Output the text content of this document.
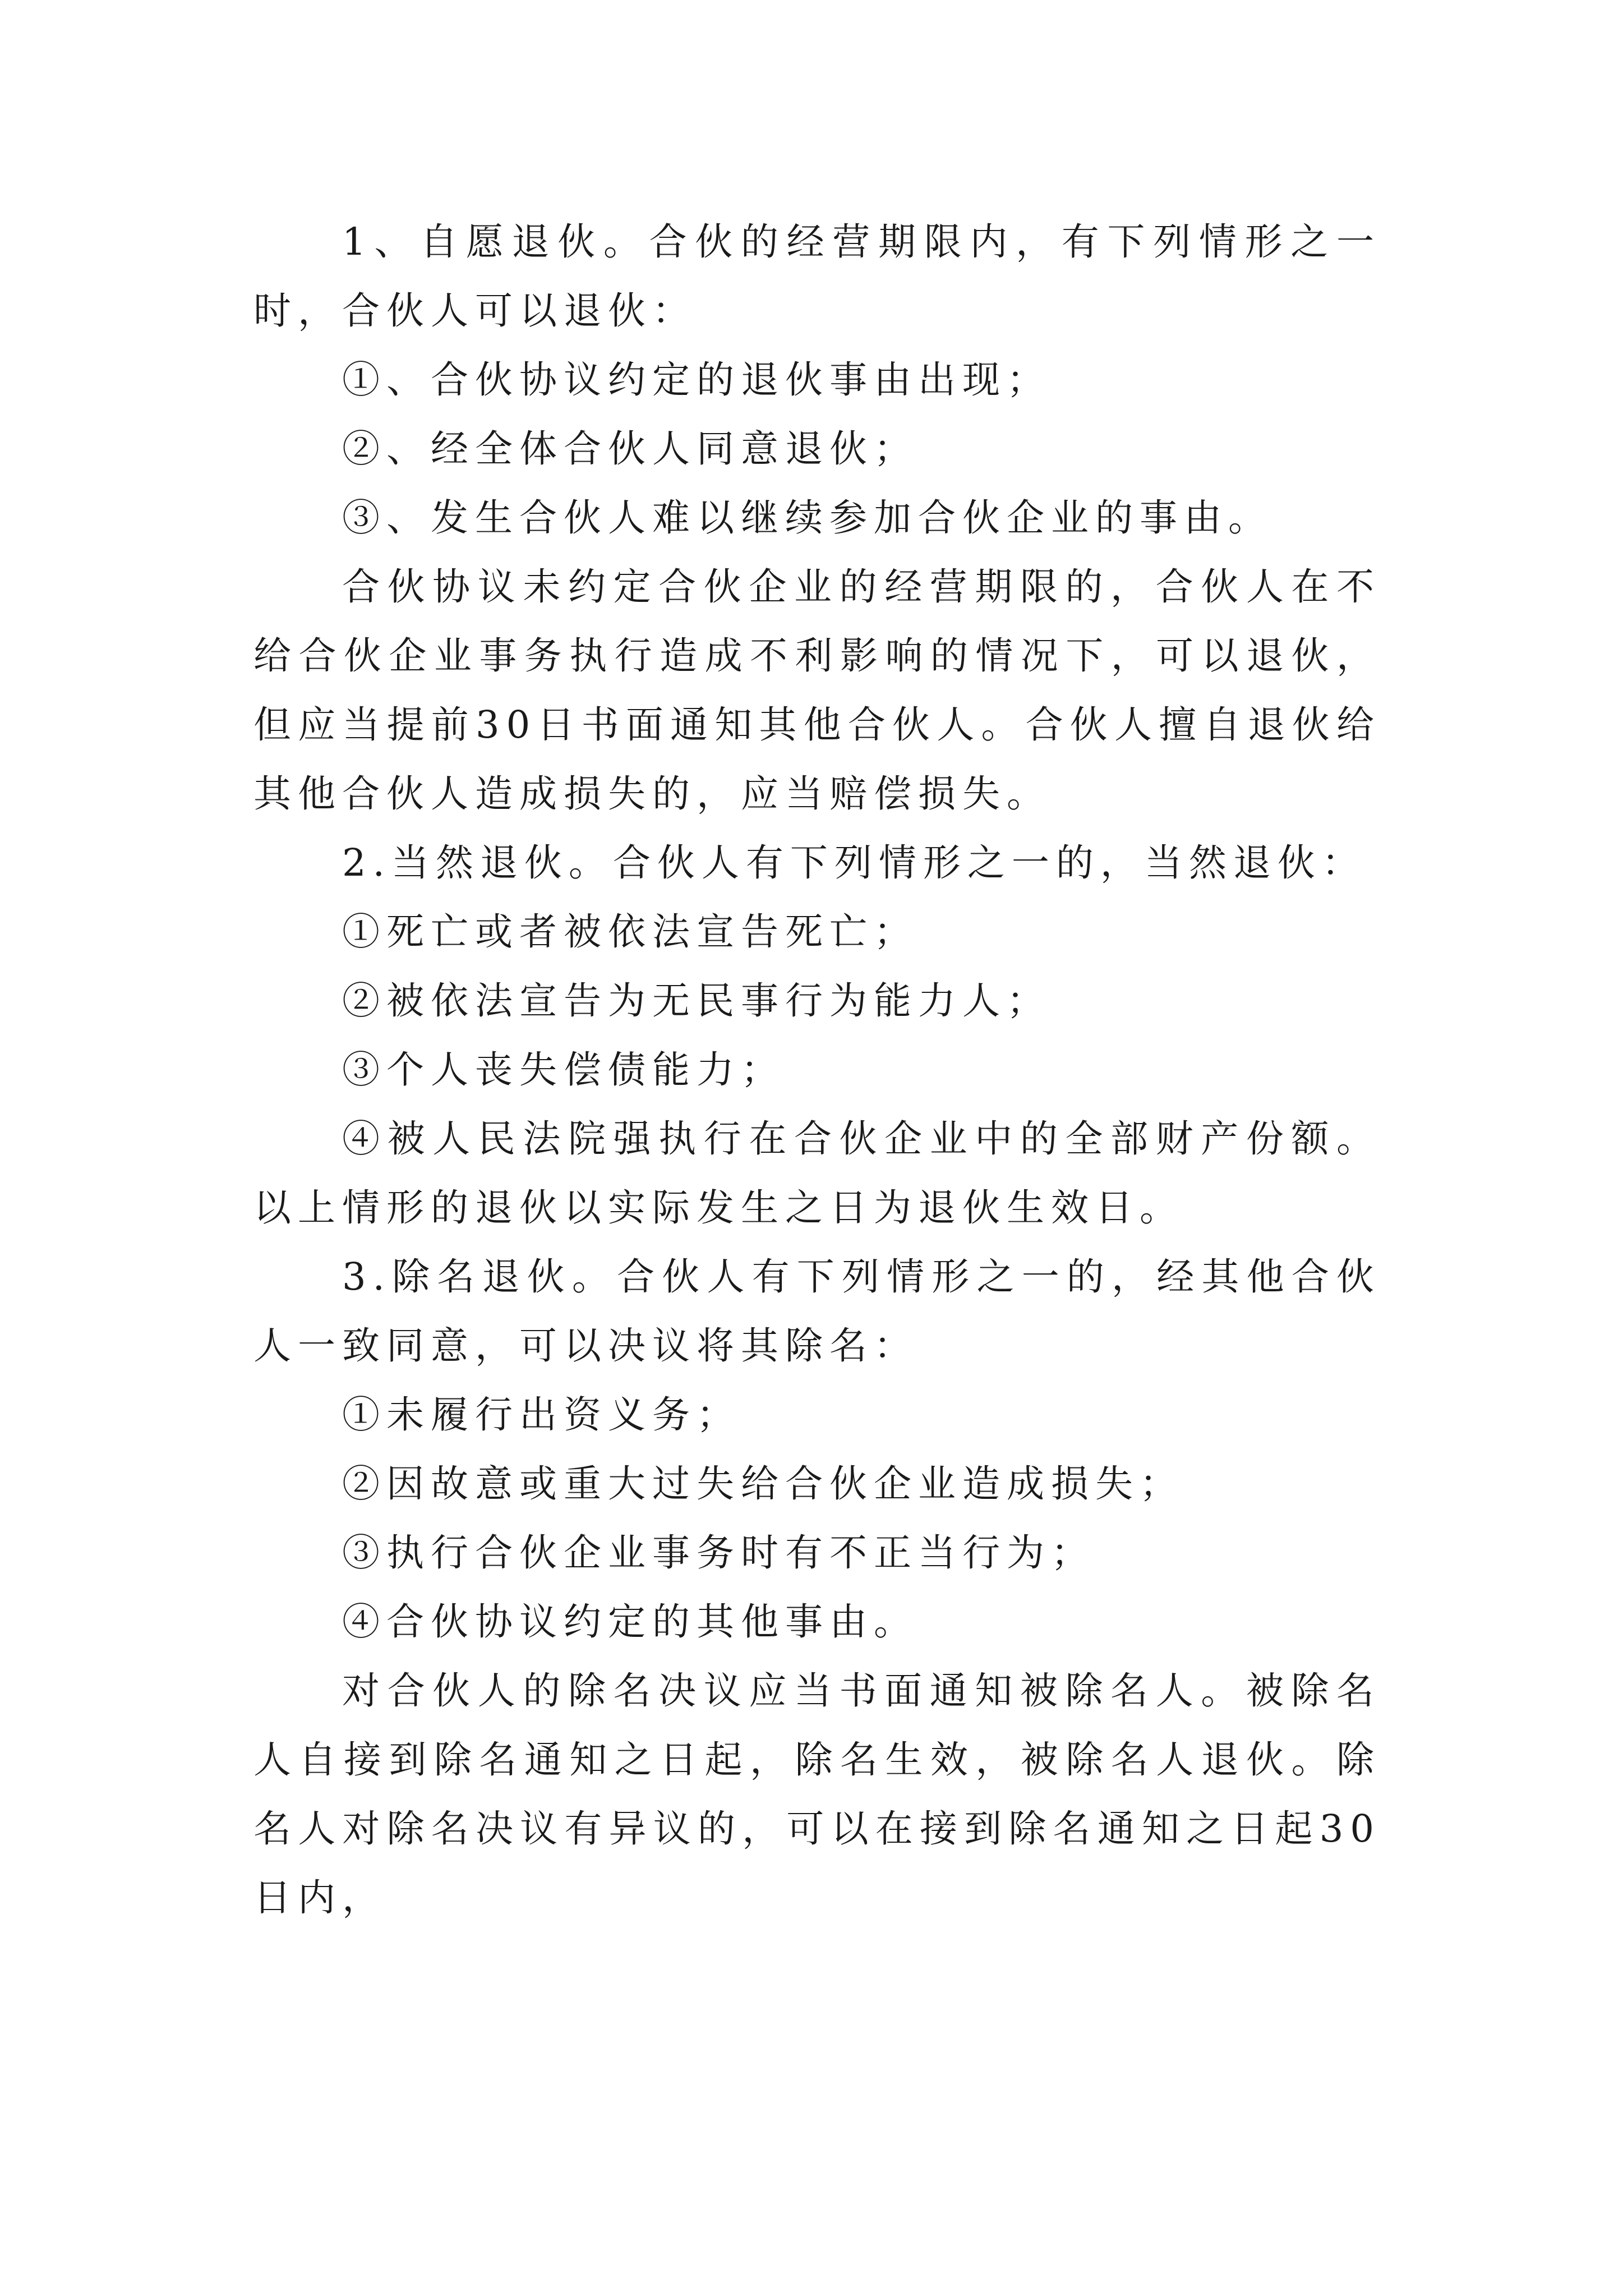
1、自愿退伙。合伙的经营期限内，有下列情形之一时，合伙人可以退伙：

①、合伙协议约定的退伙事由出现；

②、经全体合伙人同意退伙；

③、发生合伙人难以继续参加合伙企业的事由。

合伙协议未约定合伙企业的经营期限的，合伙人在不给合伙企业事务执行造成不利影响的情况下，可以退伙，但应当提前30日书面通知其他合伙人。合伙人擅自退伙给其他合伙人造成损失的，应当赔偿损失。

2.当然退伙。合伙人有下列情形之一的，当然退伙：

①死亡或者被依法宣告死亡；

②被依法宣告为无民事行为能力人；

③个人丧失偿债能力；

④被人民法院强执行在合伙企业中的全部财产份额。以上情形的退伙以实际发生之日为退伙生效日。

3.除名退伙。合伙人有下列情形之一的，经其他合伙人一致同意，可以决议将其除名：

①未履行出资义务；

②因故意或重大过失给合伙企业造成损失；

③执行合伙企业事务时有不正当行为；

④合伙协议约定的其他事由。

对合伙人的除名决议应当书面通知被除名人。被除名人自接到除名通知之日起，除名生效，被除名人退伙。除名人对除名决议有异议的，可以在接到除名通知之日起30日内，
